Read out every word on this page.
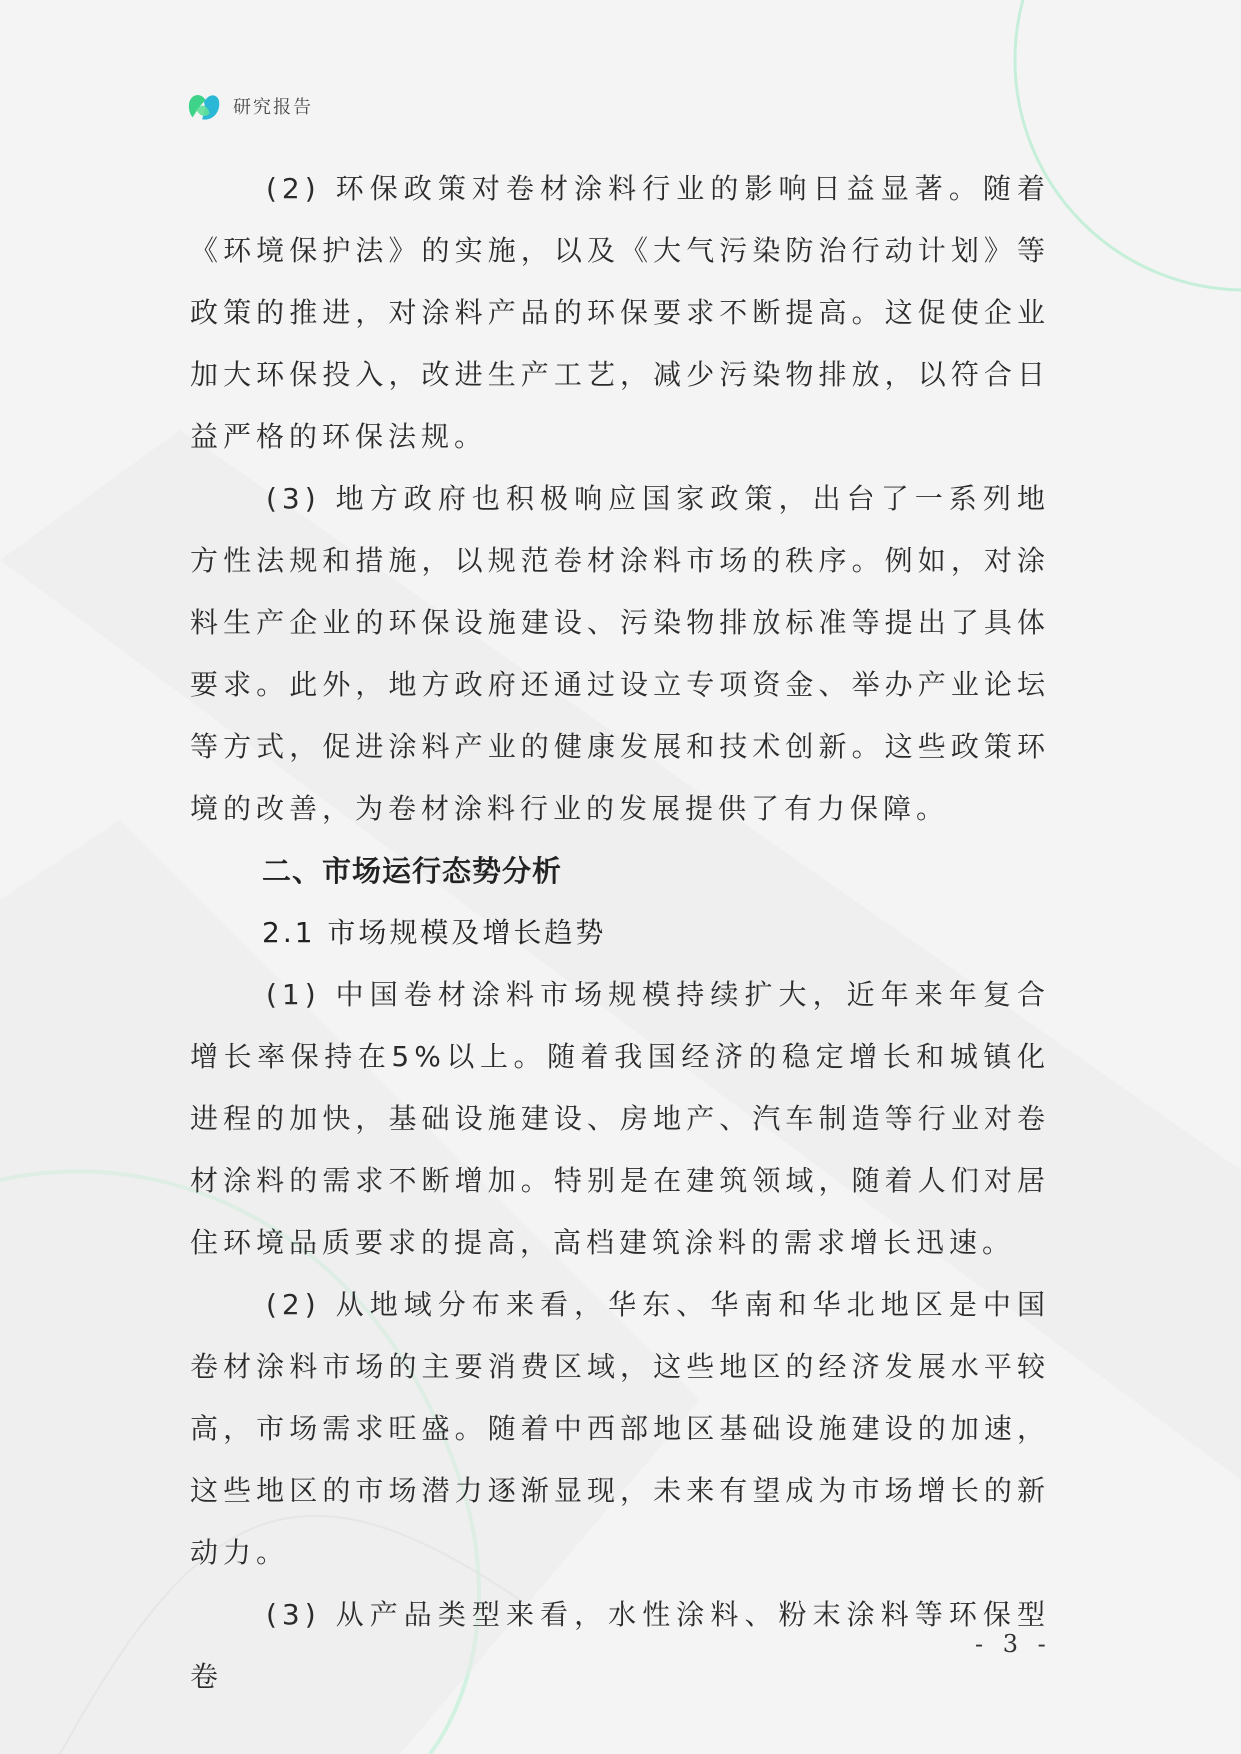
研究报告

(2) 环保政策对卷材涂料行业的影响日益显著。随着《环境保护法》的实施，以及《大气污染防治行动计划》等政策的推进，对涂料产品的环保要求不断提高。这促使企业加大环保投入，改进生产工艺，减少污染物排放，以符合日益严格的环保法规。

(3) 地方政府也积极响应国家政策，出台了一系列地方性法规和措施，以规范卷材涂料市场的秩序。例如，对涂料生产企业的环保设施建设、污染物排放标准等提出了具体要求。此外，地方政府还通过设立专项资金、举办产业论坛等方式，促进涂料产业的健康发展和技术创新。这些政策环境的改善，为卷材涂料行业的发展提供了有力保障。

二、市场运行态势分析

2.1 市场规模及增长趋势

(1) 中国卷材涂料市场规模持续扩大，近年来年复合增长率保持在5%以上。随着我国经济的稳定增长和城镇化进程的加快，基础设施建设、房地产、汽车制造等行业对卷材涂料的需求不断增加。特别是在建筑领域，随着人们对居住环境品质要求的提高，高档建筑涂料的需求增长迅速。

(2) 从地域分布来看，华东、华南和华北地区是中国卷材涂料市场的主要消费区域，这些地区的经济发展水平较高，市场需求旺盛。随着中西部地区基础设施建设的加速，这些地区的市场潜力逐渐显现，未来有望成为市场增长的新动力。

(3) 从产品类型来看，水性涂料、粉末涂料等环保型卷

- 3 -
